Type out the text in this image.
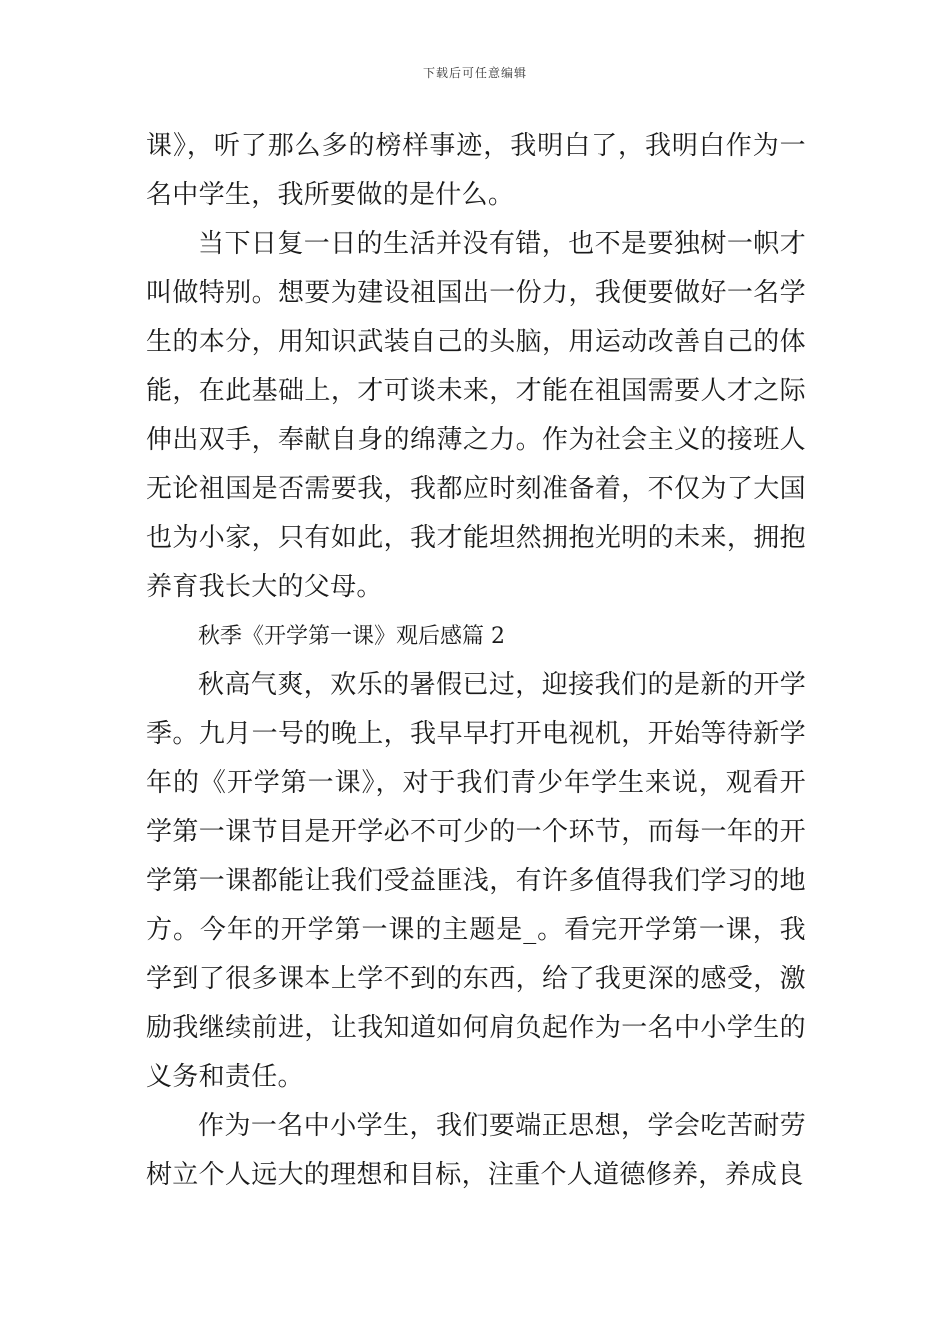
下载后可任意编辑

课》，听了那么多的榜样事迹，我明白了，我明白作为一名中学生，我所要做的是什么。

当下日复一日的生活并没有错，也不是要独树一帜才叫做特别。想要为建设祖国出一份力，我便要做好一名学生的本分，用知识武装自己的头脑，用运动改善自己的体能，在此基础上，才可谈未来，才能在祖国需要人才之际伸出双手，奉献自身的绵薄之力。作为社会主义的接班人无论祖国是否需要我，我都应时刻准备着，不仅为了大国也为小家，只有如此，我才能坦然拥抱光明的未来，拥抱养育我长大的父母。

秋季《开学第一课》观后感篇 2

秋高气爽，欢乐的暑假已过，迎接我们的是新的开学季。九月一号的晚上，我早早打开电视机，开始等待新学年的《开学第一课》，对于我们青少年学生来说，观看开学第一课节目是开学必不可少的一个环节，而每一年的开学第一课都能让我们受益匪浅，有许多值得我们学习的地方。今年的开学第一课的主题是_。看完开学第一课，我学到了很多课本上学不到的东西，给了我更深的感受，激励我继续前进，让我知道如何肩负起作为一名中小学生的义务和责任。

作为一名中小学生，我们要端正思想，学会吃苦耐劳树立个人远大的理想和目标，注重个人道德修养，养成良
